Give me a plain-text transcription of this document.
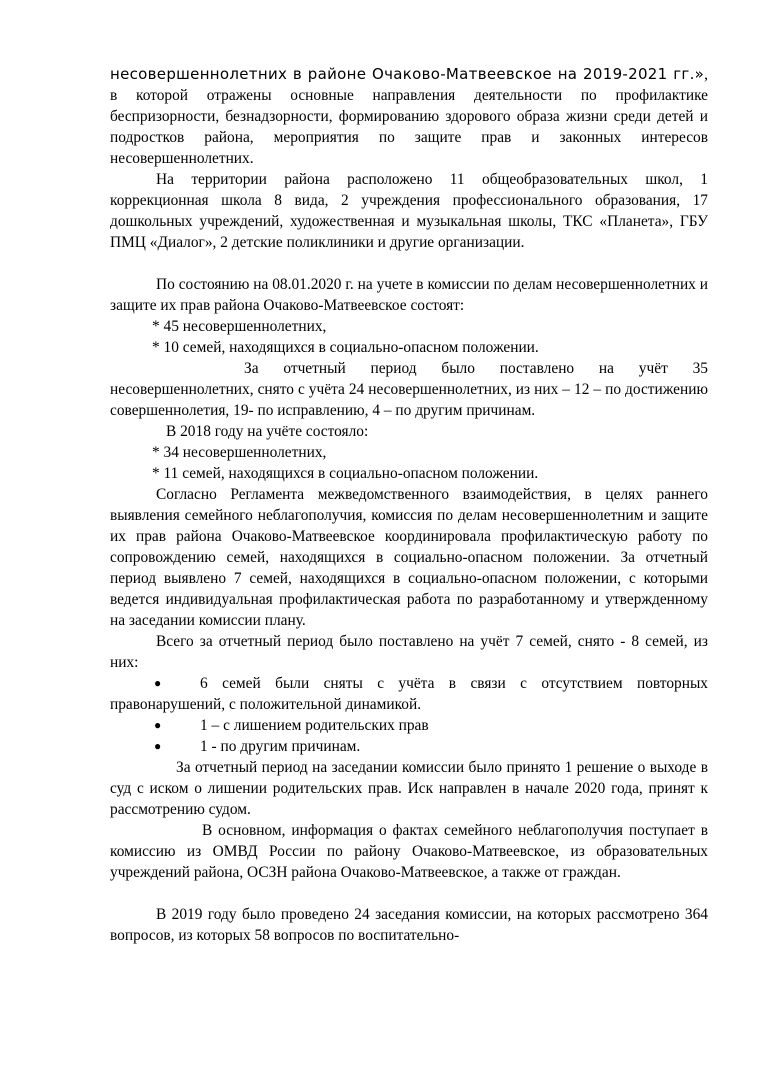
несовершеннолетних в районе Очаково-Матвеевское на 2019-2021 гг.», в которой отражены основные направления деятельности по профилактике беспризорности, безнадзорности, формированию здорового образа жизни среди детей и подростков района, мероприятия по защите прав и законных интересов несовершеннолетних.

На территории района расположено 11 общеобразовательных школ, 1 коррекционная школа 8 вида, 2 учреждения профессионального образования, 17 дошкольных учреждений, художественная и музыкальная школы, ТКС «Планета», ГБУ ПМЦ «Диалог», 2 детские поликлиники и другие организации.

По состоянию на 08.01.2020 г. на учете в комиссии по делам несовершеннолетних и защите их прав района Очаково-Матвеевское состоят:

* 45 несовершеннолетних,

* 10 семей, находящихся в социально-опасном положении.

За отчетный период было поставлено на учёт 35 несовершеннолетних, снято с учёта 24 несовершеннолетних, из них – 12 – по достижению совершеннолетия, 19- по исправлению, 4 – по другим причинам.

В 2018 году на учёте состояло:

* 34 несовершеннолетних,

* 11 семей, находящихся в социально-опасном положении.

Согласно Регламента межведомственного взаимодействия, в целях раннего выявления семейного неблагополучия, комиссия по делам несовершеннолетним и защите их прав района Очаково-Матвеевское координировала профилактическую работу по сопровождению семей, находящихся в социально-опасном положении. За отчетный период выявлено 7 семей, находящихся в социально-опасном положении, с которыми ведется индивидуальная профилактическая работа по разработанному и утвержденному на заседании комиссии плану.

Всего за отчетный период было поставлено на учёт 7 семей, снято - 8 семей, из них:

●	6 семей были сняты с учёта в связи с отсутствием повторных правонарушений, с положительной динамикой.

●	1 – с лишением родительских прав

●	1 - по другим причинам.

За отчетный период на заседании комиссии было принято 1 решение о выходе в суд с иском о лишении родительских прав. Иск направлен в начале 2020 года, принят к рассмотрению судом.

В основном, информация о фактах семейного неблагополучия поступает в комиссию из ОМВД России по району Очаково-Матвеевское, из образовательных учреждений района, ОСЗН района Очаково-Матвеевское, а также от граждан.

В 2019 году было проведено 24 заседания комиссии, на которых рассмотрено 364 вопросов, из которых 58 вопросов по воспитательно-
